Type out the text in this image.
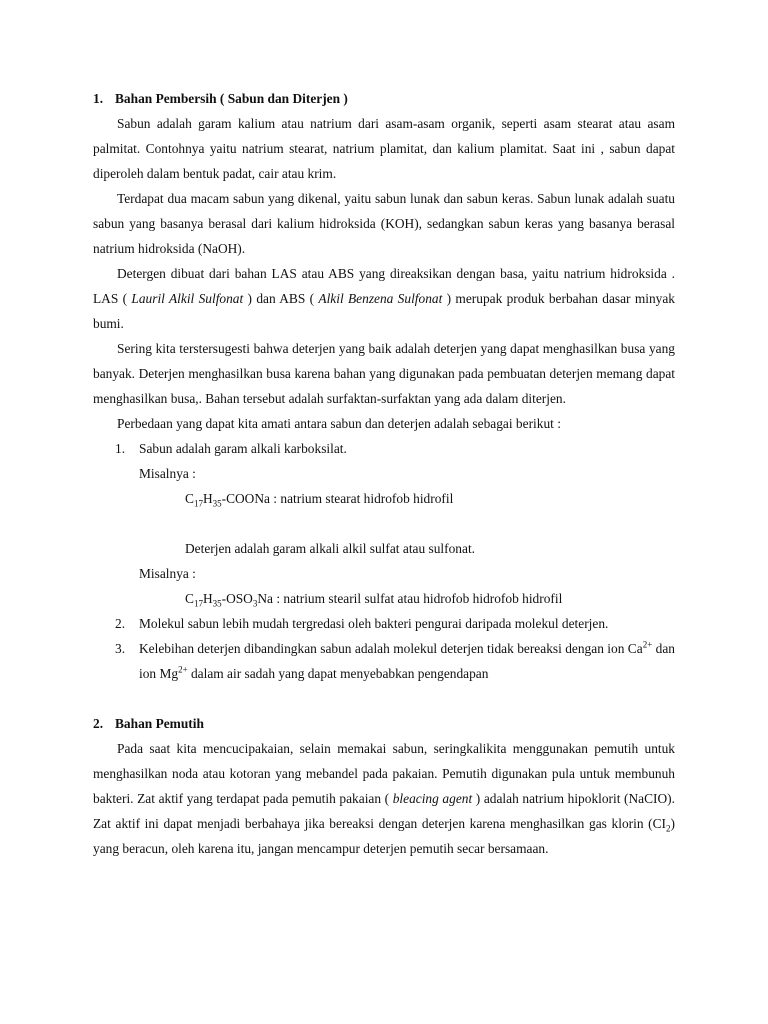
1. Bahan Pembersih ( Sabun dan Diterjen )

Sabun adalah garam kalium atau natrium dari asam-asam organik, seperti asam stearat atau asam palmitat. Contohnya yaitu natrium stearat, natrium plamitat, dan kalium plamitat. Saat ini , sabun dapat diperoleh dalam bentuk padat, cair atau krim.

Terdapat dua macam sabun yang dikenal, yaitu sabun lunak dan sabun keras. Sabun lunak adalah suatu sabun yang basanya berasal dari kalium hidroksida (KOH), sedangkan sabun keras yang basanya berasal natrium hidroksida (NaOH).

Detergen dibuat dari bahan LAS atau ABS yang direaksikan dengan basa, yaitu natrium hidroksida . LAS ( Lauril Alkil Sulfonat ) dan ABS ( Alkil Benzena Sulfonat ) merupak produk berbahan dasar minyak bumi.

Sering kita terstersugesti bahwa deterjen yang baik adalah deterjen yang dapat menghasilkan busa yang banyak. Deterjen menghasilkan busa karena bahan yang digunakan pada pembuatan deterjen memang dapat menghasilkan busa,. Bahan tersebut adalah surfaktan-surfaktan yang ada dalam diterjen.

Perbedaan yang dapat kita amati antara sabun dan deterjen adalah sebagai berikut :

1.	Sabun adalah garam alkali karboksilat.
Misalnya :
$C_{17}H_{35}$-COONa : natrium stearat hidrofob hidrofil
Deterjen adalah garam alkali alkil sulfat atau sulfonat.
Misalnya :
$C_{17}H_{35}-OSO_3Na$ : natrium stearil sulfat atau hidrofob hidrofob hidrofil
2.	Molekul sabun lebih mudah tergredasi oleh bakteri pengurai daripada molekul deterjen.
3.	Kelebihan deterjen dibandingkan sabun adalah molekul deterjen tidak bereaksi dengan ion $Ca^{2+}$ dan ion $Mg^{2+}$ dalam air sadah yang dapat menyebabkan pengendapan
2. Bahan Pemutih

Pada saat kita mencucipakaian, selain memakai sabun, seringkalikita menggunakan pemutih untuk menghasilkan noda atau kotoran yang mebandel pada pakaian. Pemutih digunakan pula untuk membunuh bakteri. Zat aktif yang terdapat pada pemutih pakaian ( bleacing agent ) adalah natrium hipoklorit (NaCIO). Zat aktif ini dapat menjadi berbahaya jika bereaksi dengan deterjen karena menghasilkan gas klorin $(CI_2)$ yang beracun, oleh karena itu, jangan mencampur deterjen pemutih secar bersamaan.
